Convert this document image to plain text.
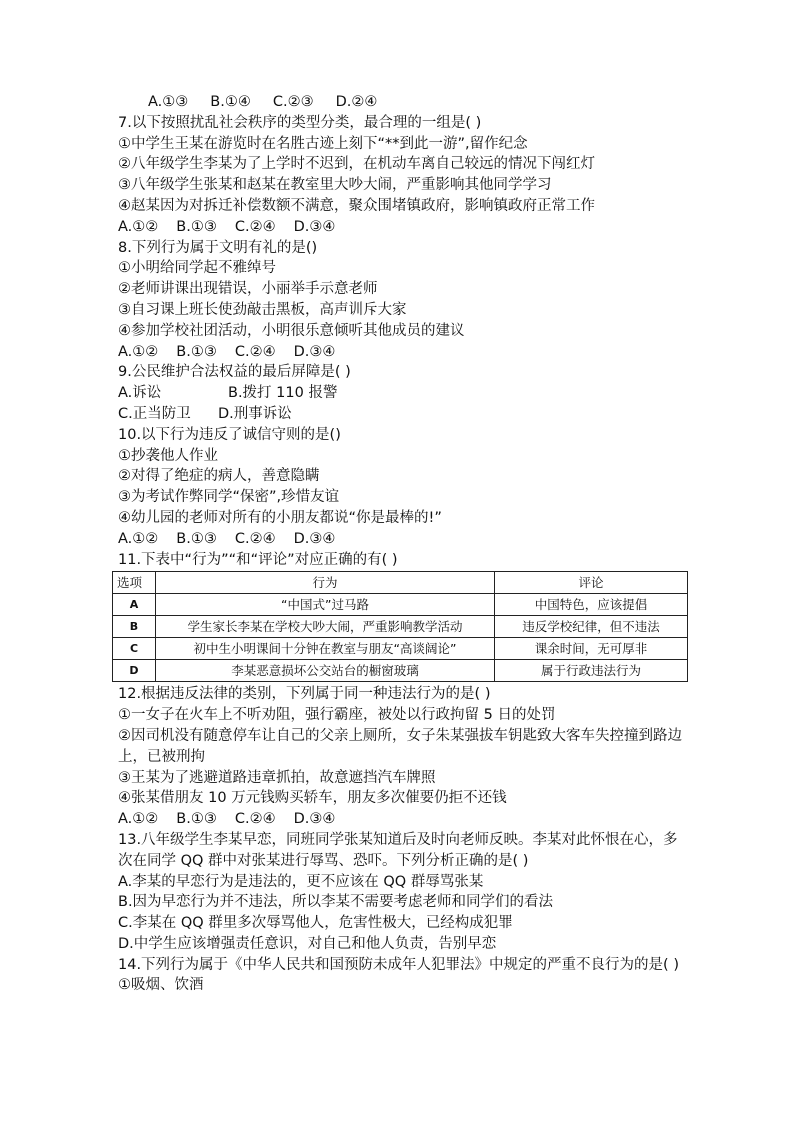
A.①③ B.①④ C.②③ D.②④
7.以下按照扰乱社会秩序的类型分类，最合理的一组是( )
①中学生王某在游览时在名胜古迹上刻下“**到此一游”,留作纪念
②八年级学生李某为了上学时不迟到，在机动车离自己较远的情况下闯红灯
③八年级学生张某和赵某在教室里大吵大闹，严重影响其他同学学习
④赵某因为对拆迁补偿数额不满意，聚众围堵镇政府，影响镇政府正常工作
A.①② B.①③ C.②④ D.③④
8.下列行为属于文明有礼的是()
①小明给同学起不雅绰号
②老师讲课出现错误，小丽举手示意老师
③自习课上班长使劲敲击黑板，高声训斥大家
④参加学校社团活动，小明很乐意倾听其他成员的建议
A.①② B.①③ C.②④ D.③④
9.公民维护合法权益的最后屏障是( )
A.诉讼	B.拨打 110 报警
C.正当防卫	D.刑事诉讼
10.以下行为违反了诚信守则的是()
①抄袭他人作业
②对得了绝症的病人，善意隐瞒
③为考试作弊同学“保密”,珍惜友谊
④幼儿园的老师对所有的小朋友都说“你是最棒的!”
A.①② B.①③ C.②④ D.③④
11.下表中“行为”“和“评论”对应正确的有( )
选项	行为	评论
A	“中国式”过马路	中国特色，应该提倡
B	学生家长李某在学校大吵大闹，严重影响教学活动	违反学校纪律，但不违法
C	初中生小明课间十分钟在教室与朋友“高谈阔论”	课余时间，无可厚非
D	李某恶意损坏公交站台的橱窗玻璃	属于行政违法行为
12.根据违反法律的类别，下列属于同一种违法行为的是( )
①一女子在火车上不听劝阻，强行霸座，被处以行政拘留 5 日的处罚
②因司机没有随意停车让自己的父亲上厕所，女子朱某强拔车钥匙致大客车失控撞到路边上，已被刑拘
③王某为了逃避道路违章抓拍，故意遮挡汽车牌照
④张某借朋友 10 万元钱购买轿车，朋友多次催要仍拒不还钱
A.①② B.①③ C.②④ D.③④
13.八年级学生李某早恋，同班同学张某知道后及时向老师反映。李某对此怀恨在心，多次在同学 QQ 群中对张某进行辱骂、恐吓。下列分析正确的是( )
A.李某的早恋行为是违法的，更不应该在 QQ 群辱骂张某
B.因为早恋行为并不违法，所以李某不需要考虑老师和同学们的看法
C.李某在 QQ 群里多次辱骂他人，危害性极大，已经构成犯罪
D.中学生应该增强责任意识，对自己和他人负责，告别早恋
14.下列行为属于《中华人民共和国预防未成年人犯罪法》中规定的严重不良行为的是( )
①吸烟、饮酒
